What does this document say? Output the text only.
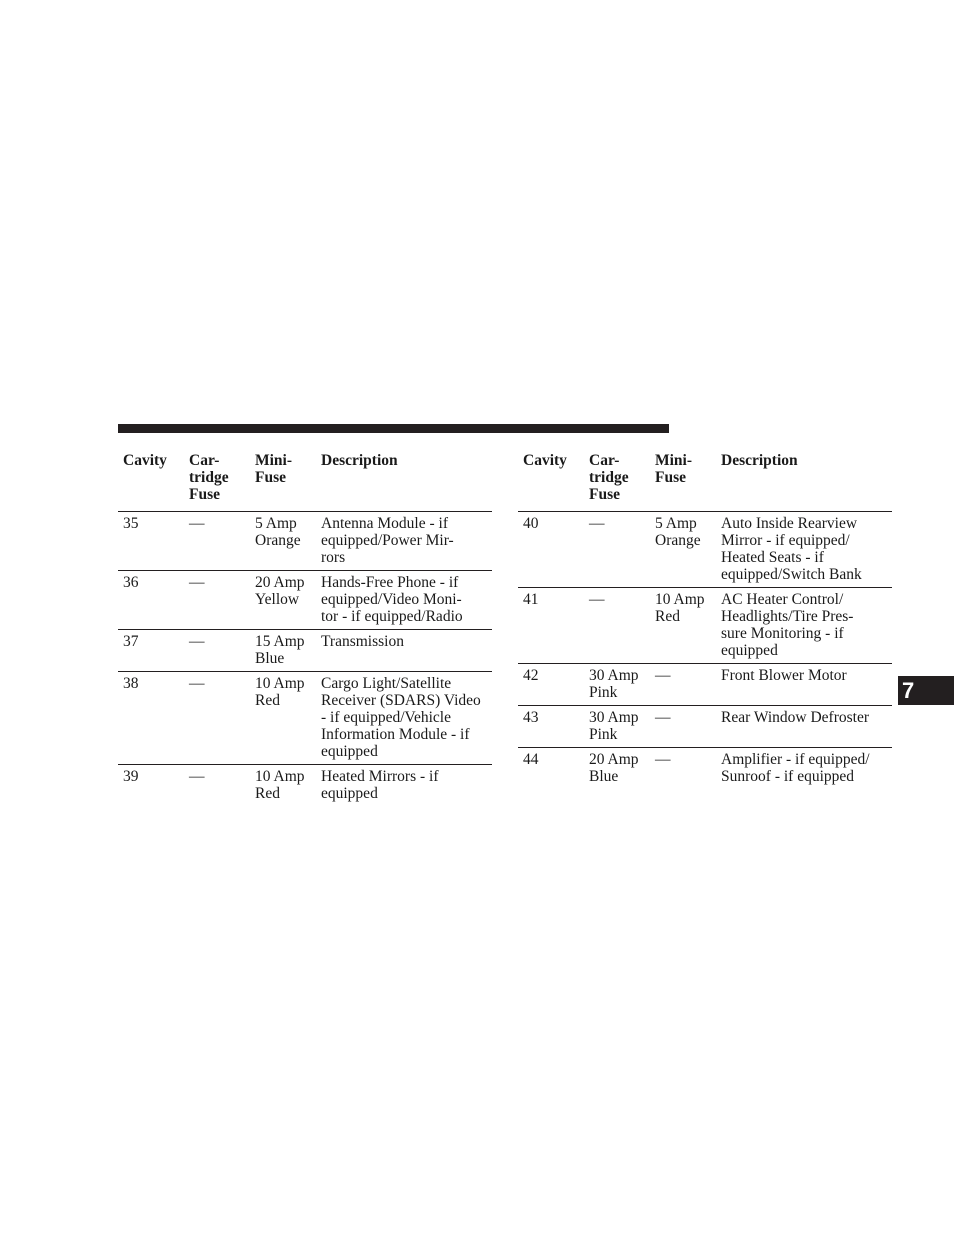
Cavity	Car-
tridge
Fuse	Mini-
Fuse	Description
35	—	5 Amp
Orange	Antenna Module - if
equipped/Power Mir-
rors
36	—	20 Amp
Yellow	Hands-Free Phone - if
equipped/Video Moni-
tor - if equipped/Radio
37	—	15 Amp
Blue	Transmission
38	—	10 Amp
Red	Cargo Light/Satellite
Receiver (SDARS) Video
- if equipped/Vehicle
Information Module - if
equipped
39	—	10 Amp
Red	Heated Mirrors - if
equipped
Cavity	Car-
tridge
Fuse	Mini-
Fuse	Description
40	—	5 Amp
Orange	Auto Inside Rearview
Mirror - if equipped/
Heated Seats - if
equipped/Switch Bank
41	—	10 Amp
Red	AC Heater Control/
Headlights/Tire Pres-
sure Monitoring - if
equipped
42	30 Amp
Pink	—	Front Blower Motor
43	30 Amp
Pink	—	Rear Window Defroster
44	20 Amp
Blue	—	Amplifier - if equipped/
Sunroof - if equipped
7
